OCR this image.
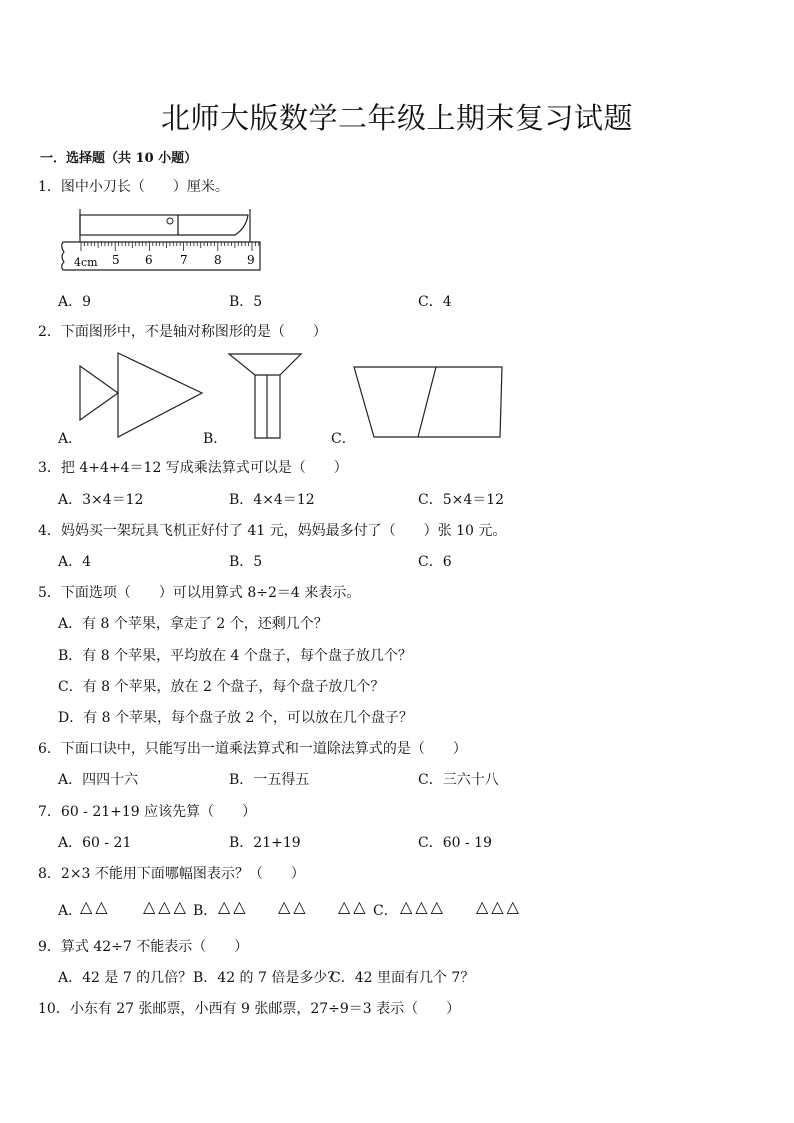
北师大版数学二年级上期末复习试题
一．选择题（共 10 小题）
1．图中小刀长（　　）厘米。
4cm 5 6 7 8 9
A．9	B．5	C．4
2．下面图形中，不是轴对称图形的是（　　）
A．	B．	C．
3．把 4+4+4＝12 写成乘法算式可以是（　　）
A．3×4＝12	B．4×4＝12	C．5×4＝12
4．妈妈买一架玩具飞机正好付了 41 元，妈妈最多付了（　　）张 10 元。
A．4	B．5	C．6
5．下面选项（　　）可以用算式 8÷2＝4 来表示。
A．有 8 个苹果，拿走了 2 个，还剩几个？
B．有 8 个苹果，平均放在 4 个盘子，每个盘子放几个？
C．有 8 个苹果，放在 2 个盘子，每个盘子放几个？
D．有 8 个苹果，每个盘子放 2 个，可以放在几个盘子？
6．下面口诀中，只能写出一道乘法算式和一道除法算式的是（　　）
A．四四十六	B．一五得五	C．三六十八
7．60 - 21+19 应该先算（　　）
A．60 - 21	B．21+19	C．60 - 19
8．2×3 不能用下面哪幅图表示？（　　）
A．
△△ △△△ B． △△ △△ △△ C． △△△ △△△
9．算式 42÷7 不能表示（　　）
A．42 是 7 的几倍？ B．42 的 7 倍是多少？
C．42 里面有几个 7？
10．小东有 27 张邮票，小西有 9 张邮票，27÷9＝3 表示（　　）
